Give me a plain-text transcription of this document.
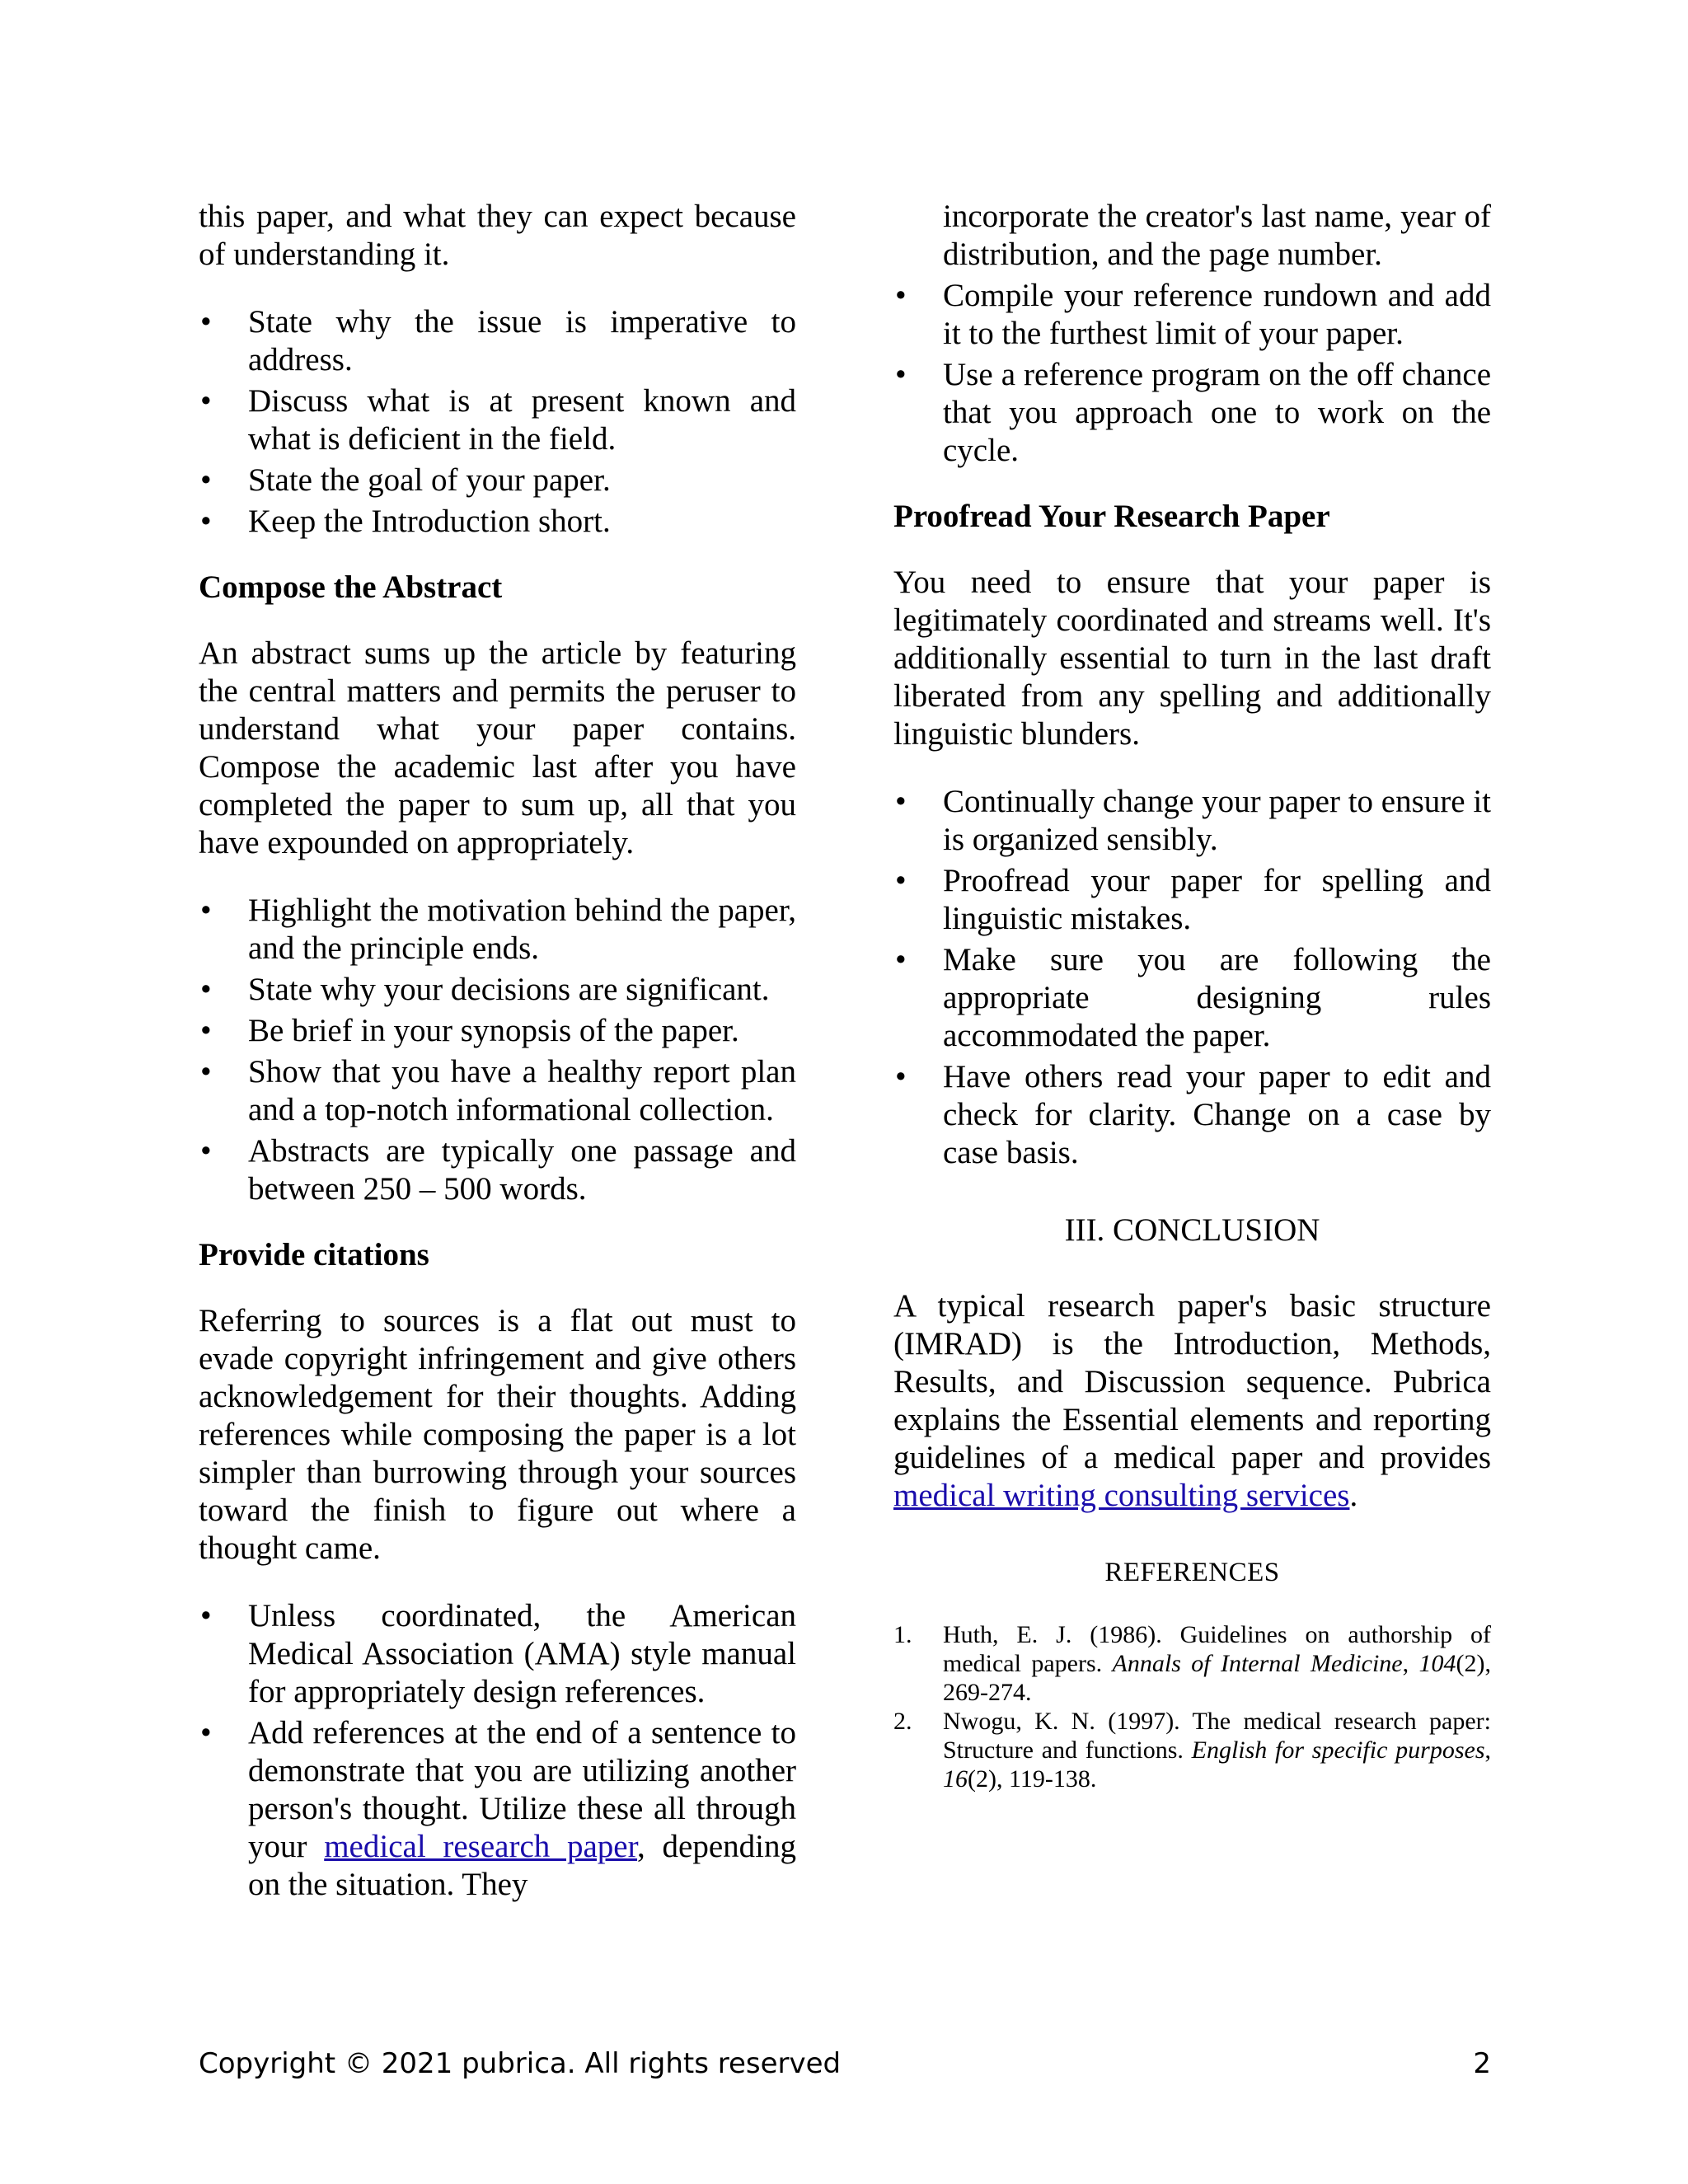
this paper, and what they can expect because of understanding it.

• State why the issue is imperative to address.
• Discuss what is at present known and what is deficient in the field.
• State the goal of your paper.
• Keep the Introduction short.
Compose the Abstract

An abstract sums up the article by featuring the central matters and permits the peruser to understand what your paper contains. Compose the academic last after you have completed the paper to sum up, all that you have expounded on appropriately.

• Highlight the motivation behind the paper, and the principle ends.
• State why your decisions are significant.
• Be brief in your synopsis of the paper.
• Show that you have a healthy report plan and a top-notch informational collection.
• Abstracts are typically one passage and between 250 – 500 words.
Provide citations

Referring to sources is a flat out must to evade copyright infringement and give others acknowledgement for their thoughts. Adding references while composing the paper is a lot simpler than burrowing through your sources toward the finish to figure out where a thought came.

• Unless coordinated, the American Medical Association (AMA) style manual for appropriately design references.
• Add references at the end of a sentence to demonstrate that you are utilizing another person's thought. Utilize these all through your medical research paper, depending on the situation. They

incorporate the creator's last name, year of distribution, and the page number.

• Compile your reference rundown and add it to the furthest limit of your paper.
• Use a reference program on the off chance that you approach one to work on the cycle.
Proofread Your Research Paper

You need to ensure that your paper is legitimately coordinated and streams well. It's additionally essential to turn in the last draft liberated from any spelling and additionally linguistic blunders.

• Continually change your paper to ensure it is organized sensibly.
• Proofread your paper for spelling and linguistic mistakes.
• Make sure you are following the appropriate designing rules accommodated the paper.
• Have others read your paper to edit and check for clarity. Change on a case by case basis.
III. CONCLUSION

A typical research paper's basic structure (IMRAD) is the Introduction, Methods, Results, and Discussion sequence. Pubrica explains the Essential elements and reporting guidelines of a medical paper and provides medical writing consulting services.

REFERENCES
1. Huth, E. J. (1986). Guidelines on authorship of medical papers. Annals of Internal Medicine, 104(2), 269-274.
2. Nwogu, K. N. (1997). The medical research paper: Structure and functions. English for specific purposes, 16(2), 119-138.
Copyright © 2021 pubrica. All rights reserved	2
